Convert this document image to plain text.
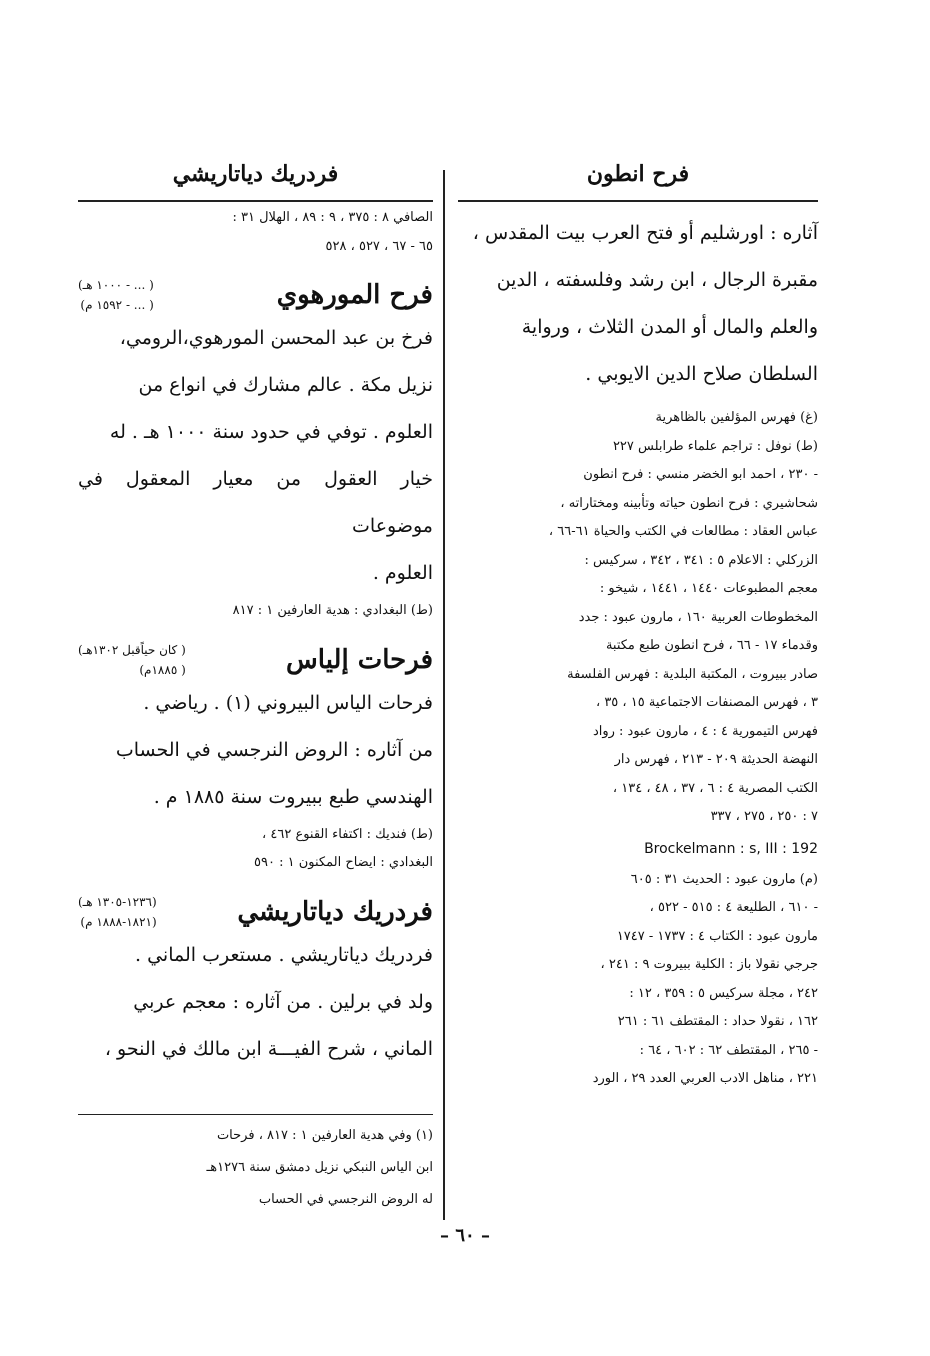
فرح انطون

آثاره : اورشليم أو فتح العرب بيت المقدس ،

مقبرة الرجال ، ابن رشد وفلسفته ، الدين

والعلم والمال أو المدن الثلاث ، ورواية

السلطان صلاح الدين الايوبي .

(غ) فهرس المؤلفين بالظاهرية

(ط) نوفل : تراجم علماء طرابلس ٢٢٧

- ٢٣٠ ، احمد ابو الخضر منسي : فرح انطون

شحاشيري : فرح انطون حياته وتأبينه ومختاراته ،

عباس العقاد : مطالعات في الكتب والحياة ٦١-٦٦ ،

الزركلي : الاعلام ٥ : ٣٤١ ، ٣٤٢ ، سركيس :

معجم المطبوعات ١٤٤٠ ، ١٤٤١ ، شيخو :

المخطوطات العربية ١٦٠ ، مارون عبود : جدد

وقدماء ١٧ - ٦٦ ، فرح انطون طبع مكتبة

صادر ببيروت ، المكتبة البلدية : فهرس الفلسفة

٣ ، فهرس المصنفات الاجتماعية ١٥ ، ٣٥ ،

فهرس التيمورية ٤ : ٤ ، مارون عبود : رواد

النهضة الحديثة ٢٠٩ - ٢١٣ ، فهرس دار

الكتب المصرية ٤ : ٦ ، ٣٧ ، ٤٨ ، ١٣٤ ،

٧ : ٢٥٠ ، ٢٧٥ ، ٣٣٧

Brockelmann : s, III : 192

(م) مارون عبود : الحديث ٣١ : ٦٠٥

- ٦١٠ ، الطليعة ٤ : ٥١٥ - ٥٢٢ ،

مارون عبود : الكتاب ٤ : ١٧٣٧ - ١٧٤٧

جرجي نقولا باز : الكلية ببيروت ٩ : ٢٤١ ،

٢٤٢ ، مجلة سركيس ٥ : ٣٥٩ ، ١٢ :

١٦٢ ، نقولا حداد : المقتطف ٦١ : ٢٦١

- ٢٦٥ ، المقتطف ٦٢ : ٦٠٢ ، ٦٤ :

٢٢١ ، مناهل الادب العربي العدد ٢٩ ، الورد

فردريك دياتاريشي

الصافي ٨ : ٣٧٥ ، ٩ : ٨٩ ، الهلال ٣١ :

٦٥ - ٦٧ ، ٥٢٧ ، ٥٢٨

فرح المورهوي
( ... - ١٠٠٠ هـ)
( ... - ١٥٩٢ م)

فرخ بن عبد المحسن المورهوي،الرومي،

نزيل مكة . عالم مشارك في انواع من

العلوم . توفي في حدود سنة ١٠٠٠ هـ . له

خيار العقول من معيار المعقول في موضوعات

العلوم .

(ط) البغدادي : هدية العارفين ١ : ٨١٧

فرحات إلياس
( كان حياًقبل ١٣٠٢هـ)
( ١٨٨٥م)

فرحات الياس البيروني (١) . رياضي .

من آثاره : الروض النرجسي في الحساب

الهندسي طبع ببيروت سنة ١٨٨٥ م .

(ط) فنديك : اكتفاء القنوع ٤٦٢ ،

البغدادي : ايضاح المكنون ١ : ٥٩٠

فردريك دياتاريشي
(١٢٣٦-١٣٠٥ هـ)
(١٨٢١-١٨٨٨ م)

فردريك دياتاريشي . مستعرب الماني .

ولد في برلين . من آثاره : معجم عربي

الماني ، شرح الفيـــة ابن مالك في النحو ،

(١) وفي هدية العارفين ١ : ٨١٧ ، فرحات

ابن الياس النبكي نزيل دمشق سنة ١٢٧٦هـ

له الروض النرجسي في الحساب

– ٦٠ –
